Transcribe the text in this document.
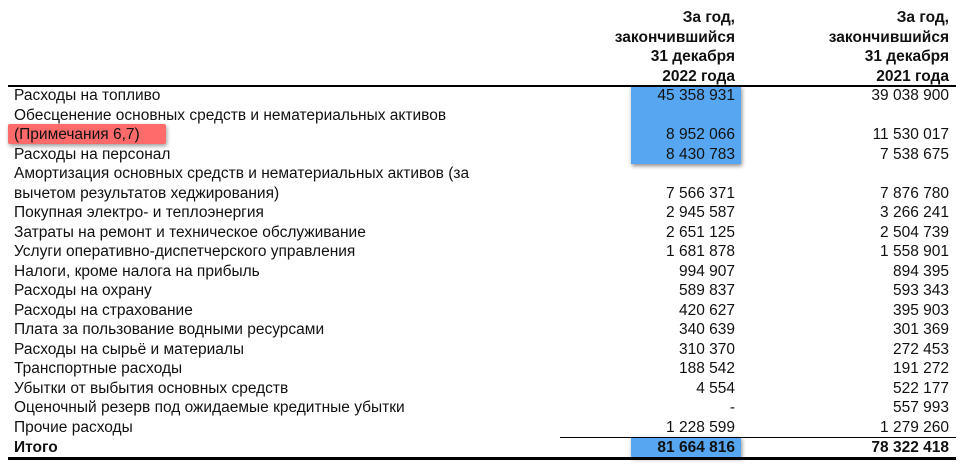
За год,
закончившийся
31 декабря
2022 года
За год,
закончившийся
31 декабря
2021 года
Расходы на топливо	45 358 931	39 038 900
Обесценение основных средств и нематериальных активов
(Примечания 6,7)	8 952 066	11 530 017
Расходы на персонал	8 430 783	7 538 675
Амортизация основных средств и нематериальных активов (за
вычетом результатов хеджирования)	7 566 371	7 876 780
Покупная электро- и теплоэнергия	2 945 587	3 266 241
Затраты на ремонт и техническое обслуживание	2 651 125	2 504 739
Услуги оперативно-диспетчерского управления	1 681 878	1 558 901
Налоги, кроме налога на прибыль	994 907	894 395
Расходы на охрану	589 837	593 343
Расходы на страхование	420 627	395 903
Плата за пользование водными ресурсами	340 639	301 369
Расходы на сырьё и материалы	310 370	272 453
Транспортные расходы	188 542	191 272
Убытки от выбытия основных средств	4 554	522 177
Оценочный резерв под ожидаемые кредитные убытки	-	557 993
Прочие расходы	1 228 599	1 279 260
Итого	81 664 816	78 322 418
